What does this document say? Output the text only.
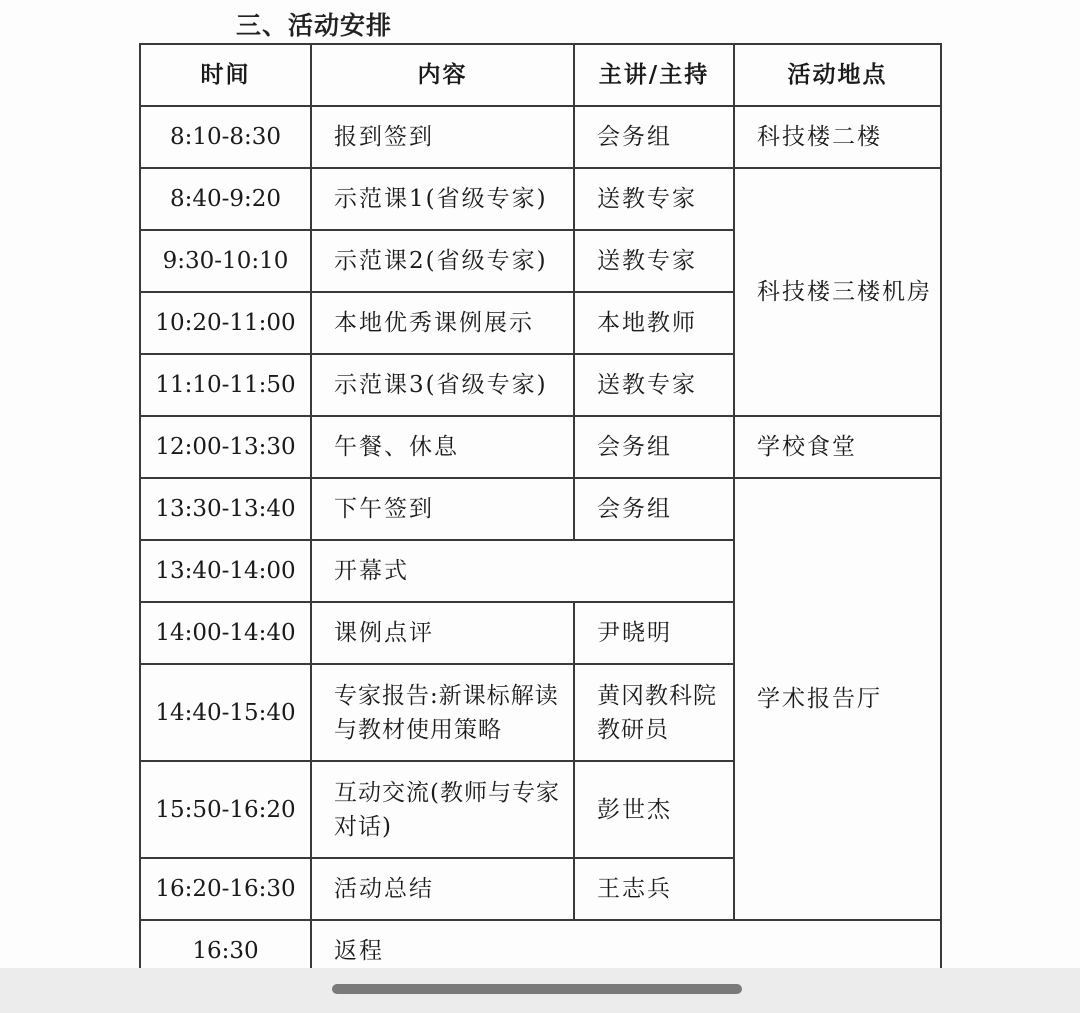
三、活动安排
时间	内容	主讲/主持	活动地点
8:10-8:30	报到签到	会务组	科技楼二楼
8:40-9:20	示范课1(省级专家)	送教专家	科技楼三楼机房
9:30-10:10	示范课2(省级专家)	送教专家	
10:20-11:00	本地优秀课例展示	本地教师	
11:10-11:50	示范课3(省级专家)	送教专家	
12:00-13:30	午餐、休息	会务组	学校食堂
13:30-13:40	下午签到	会务组	学术报告厅
13:40-14:00	开幕式		
14:00-14:40	课例点评	尹晓明	
14:40-15:40	专家报告:新课标解读与教材使用策略	黄冈教科院教研员	
15:50-16:20	互动交流(教师与专家对话)	彭世杰	
16:20-16:30	活动总结	王志兵	
16:30	返程		
